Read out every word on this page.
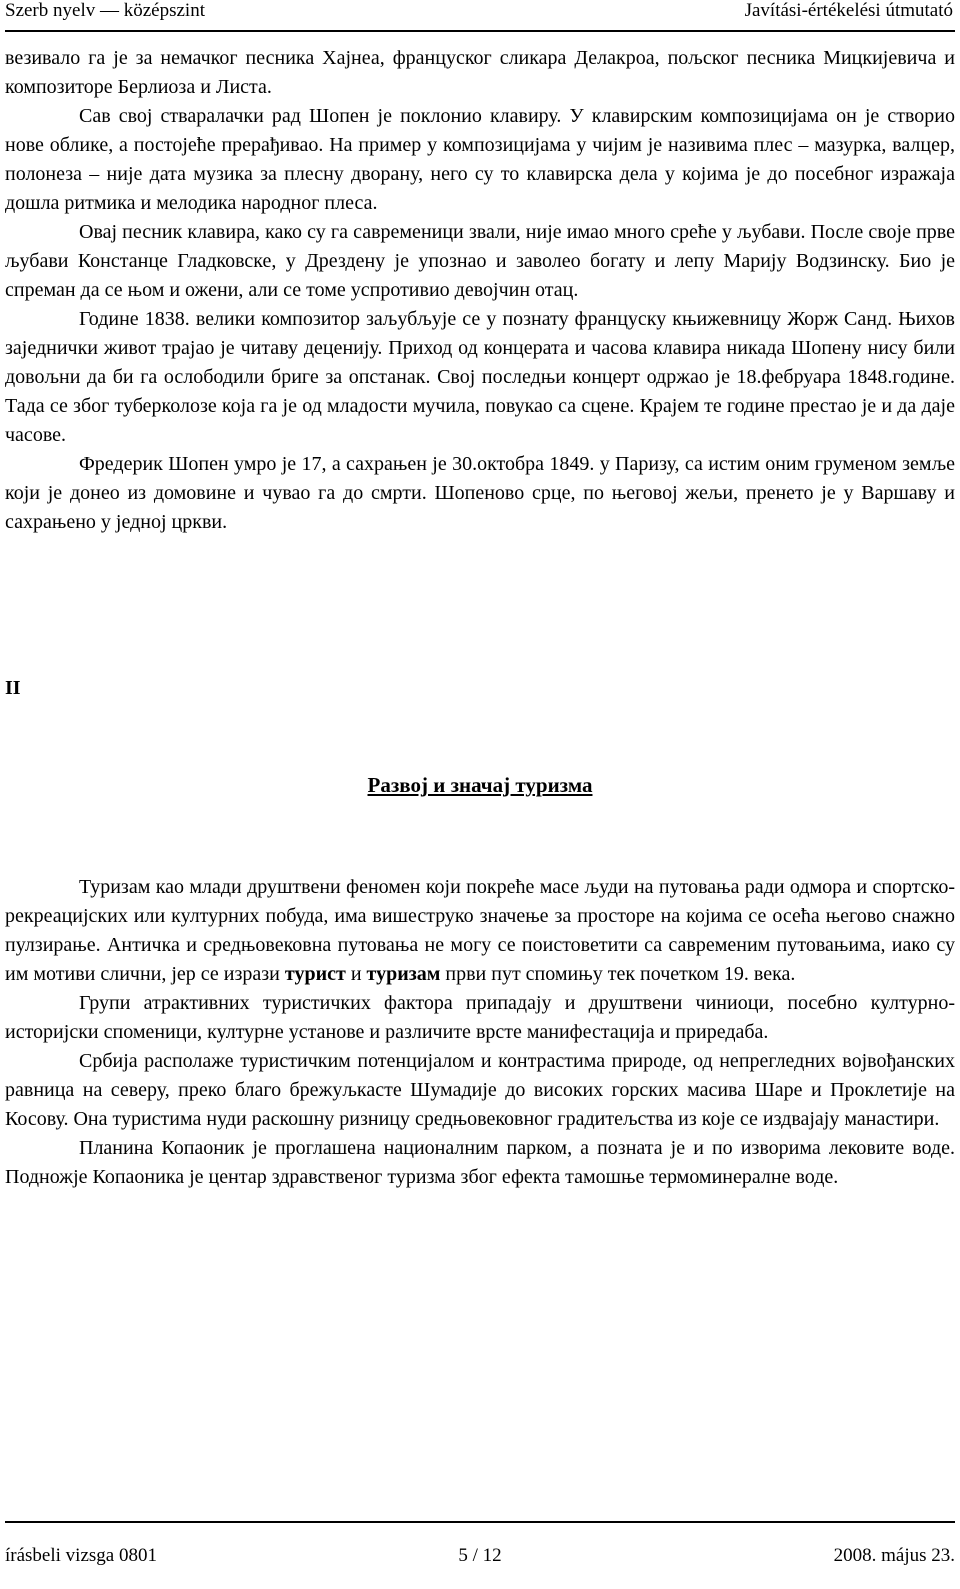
Szerb nyelv — középszint	Javítási-értékelési útmutató

везивало га је за немачког песника Хајнеа, француског сликара Делакроа, пољског песника Мицкијевича и композиторе Берлиоза и Листа.

Сав свој стваралачки рад Шопен је поклонио клавиру. У клавирским композицијама он је створио нове облике, а постојеће прерађивао. На пример у композицијама у чијим је називима плес – мазурка, валцер, полонеза – није дата музика за плесну дворану, него су то клавирска дела у којима је до посебног изражаја дошла ритмика и мелодика народног плеса.

Овај песник клавира, како су га савременици звали, није имао много среће у љубави. После своје прве љубави Констанце Гладковске, у Дрездену је упознао и заволео богату и лепу Марију Водзинску. Био је спреман да се њом и ожени, али се томе успротивио девојчин отац.

Године 1838. велики композитор заљубљује се у познату француску књижевницу Жорж Санд. Њихов заједнички живот трајао је читаву деценију. Приход од концерата и часова клавира никада Шопену нису били довољни да би га ослободили бриге за опстанак. Свој последњи концерт одржао је 18.фебруара 1848.године. Тада се због туберколозе која га је од младости мучила, повукао са сцене. Крајем те године престао је и да даје часове.

Фредерик Шопен умро је 17, а сахрањен је 30.октобра 1849. у Паризу, са истим оним груменом земље који је донео из домовине и чувао га до смрти. Шопеново срце, по његовој жељи, пренето је у Варшаву и сахрањено у једној цркви.

II
Развој и значај туризма

Туризам као млади друштвени феномен који покреће масе људи на путовања ради одмора и спортско-рекреацијских или културних побуда, има вишеструко значење за просторе на којима се осећа његово снажно пулзирање. Античка и средњовековна путовања не могу се поистоветити са савременим путовањима, иако су им мотиви слични, јер се изрази турист и туризам први пут спомињу тек почетком 19. века.

Групи атрактивних туристичких фактора припадају и друштвени чиниоци, посебно културно-историјски споменици, културне установе и различите врсте манифестација и приредаба.

Србија располаже туристичким потенцијалом и контрастима природе, од непрегледних војвођанских равница на северу, преко благо брежуљкасте Шумадије до високих горских масива Шаре и Проклетије на Косову. Она туристима нуди раскошну ризницу средњовековног градитељства из које се издвајају манастири.

Планина Копаоник је проглашена националним парком, а позната је и по изворима лековите воде. Подножје Копаоника је центар здравственог туризма због ефекта тамошње термоминералне воде.

írásbeli vizsga 0801	5 / 12	2008. május 23.
